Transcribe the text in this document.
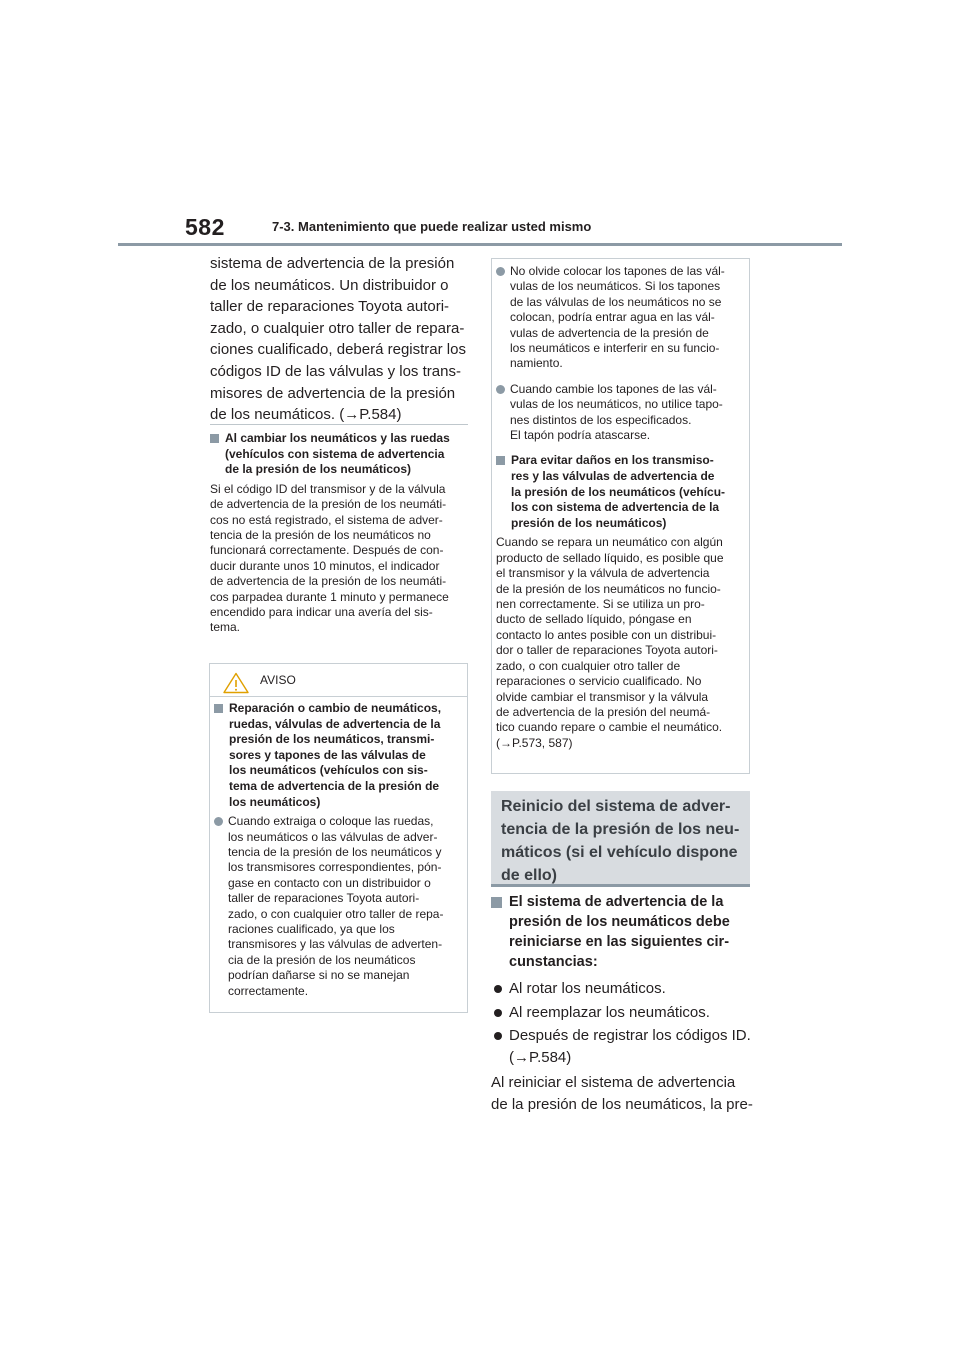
582	7-3. Mantenimiento que puede realizar usted mismo
sistema de advertencia de la presión
de los neumáticos. Un distribuidor o
taller de reparaciones Toyota autori-
zado, o cualquier otro taller de repara-
ciones cualificado, deberá registrar los
códigos ID de las válvulas y los trans-
misores de advertencia de la presión
de los neumáticos. (→P.584)
Al cambiar los neumáticos y las ruedas
(vehículos con sistema de advertencia
de la presión de los neumáticos)
Si el código ID del transmisor y de la válvula
de advertencia de la presión de los neumáti-
cos no está registrado, el sistema de adver-
tencia de la presión de los neumáticos no
funcionará correctamente. Después de con-
ducir durante unos 10 minutos, el indicador
de advertencia de la presión de los neumáti-
cos parpadea durante 1 minuto y permanece
encendido para indicar una avería del sis-
tema.
AVISO
Reparación o cambio de neumáticos,
ruedas, válvulas de advertencia de la
presión de los neumáticos, transmi-
sores y tapones de las válvulas de
los neumáticos (vehículos con sis-
tema de advertencia de la presión de
los neumáticos)
Cuando extraiga o coloque las ruedas,
los neumáticos o las válvulas de adver-
tencia de la presión de los neumáticos y
los transmisores correspondientes, pón-
gase en contacto con un distribuidor o
taller de reparaciones Toyota autori-
zado, o con cualquier otro taller de repa-
raciones cualificado, ya que los
transmisores y las válvulas de adverten-
cia de la presión de los neumáticos
podrían dañarse si no se manejan
correctamente.
No olvide colocar los tapones de las vál-
vulas de los neumáticos. Si los tapones
de las válvulas de los neumáticos no se
colocan, podría entrar agua en las vál-
vulas de advertencia de la presión de
los neumáticos e interferir en su funcio-
namiento.
Cuando cambie los tapones de las vál-
vulas de los neumáticos, no utilice tapo-
nes distintos de los especificados.
El tapón podría atascarse.
Para evitar daños en los transmiso-
res y las válvulas de advertencia de
la presión de los neumáticos (vehícu-
los con sistema de advertencia de la
presión de los neumáticos)
Cuando se repara un neumático con algún
producto de sellado líquido, es posible que
el transmisor y la válvula de advertencia
de la presión de los neumáticos no funcio-
nen correctamente. Si se utiliza un pro-
ducto de sellado líquido, póngase en
contacto lo antes posible con un distribui-
dor o taller de reparaciones Toyota autori-
zado, o con cualquier otro taller de
reparaciones o servicio cualificado. No
olvide cambiar el transmisor y la válvula
de advertencia de la presión del neumá-
tico cuando repare o cambie el neumático.
(→P.573, 587)
Reinicio del sistema de adver-
tencia de la presión de los neu-
máticos (si el vehículo dispone
de ello)
El sistema de advertencia de la
presión de los neumáticos debe
reiniciarse en las siguientes cir-
cunstancias:
Al rotar los neumáticos.
Al reemplazar los neumáticos.
Después de registrar los códigos ID.
(→P.584)
Al reiniciar el sistema de advertencia
de la presión de los neumáticos, la pre-
